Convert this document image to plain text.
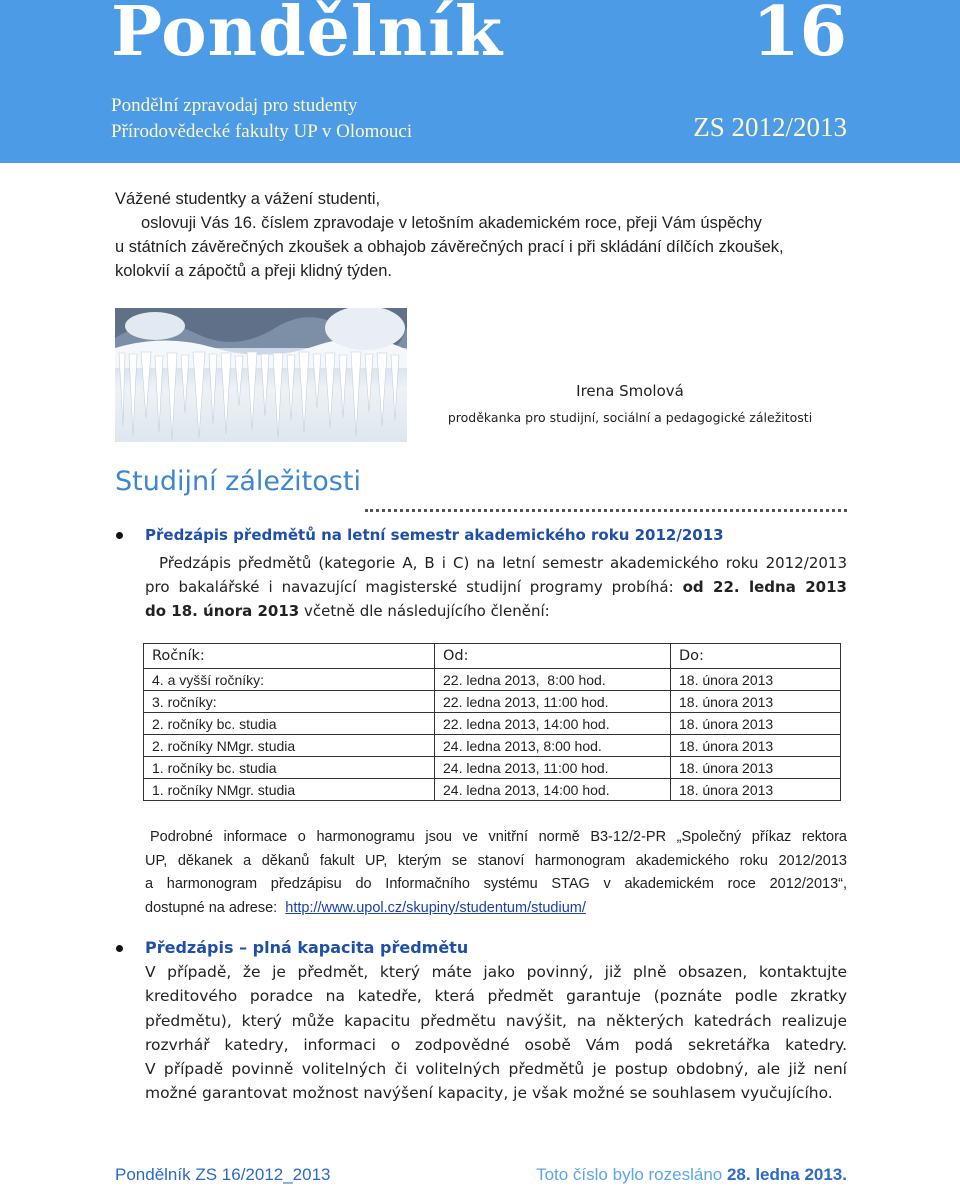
Pondělník	16
Pondělní zpravodaj pro studenty
Přírodovědecké fakulty UP v Olomouci	ZS 2012/2013
Vážené studentky a vážení studenti,
oslovuji Vás 16. číslem zpravodaje v letošním akademickém roce, přeji Vám úspěchy
u státních závěrečných zkoušek a obhajob závěrečných prací i při skládání dílčích zkoušek,
kolokvií a zápočtů a přeji klidný týden.
Irena Smolová
proděkanka pro studijní, sociální a pedagogické záležitosti
Studijní záležitosti
Předzápis předmětů na letní semestr akademického roku 2012/2013
Předzápis předmětů (kategorie A, B i C) na letní semestr akademického roku 2012/2013
pro bakalářské i navazující magisterské studijní programy probíhá: od 22. ledna 2013
do 18. února 2013 včetně dle následujícího členění:
Ročník:	Od:	Do:
4. a vyšší ročníky:	22. ledna 2013,  8:00 hod.	18. února 2013
3. ročníky:	22. ledna 2013, 11:00 hod.	18. února 2013
2. ročníky bc. studia	22. ledna 2013, 14:00 hod.	18. února 2013
2. ročníky NMgr. studia	24. ledna 2013, 8:00 hod.	18. února 2013
1. ročníky bc. studia	24. ledna 2013, 11:00 hod.	18. února 2013
1. ročníky NMgr. studia	24. ledna 2013, 14:00 hod.	18. února 2013
Podrobné informace o harmonogramu jsou ve vnitřní normě B3-12/2-PR „Společný příkaz rektora
UP, děkanek a děkanů fakult UP, kterým se stanoví harmonogram akademického roku 2012/2013
a harmonogram předzápisu do Informačního systému STAG v akademickém roce 2012/2013“,
dostupné na adrese: http://www.upol.cz/skupiny/studentum/studium/
Předzápis – plná kapacita předmětu
V případě, že je předmět, který máte jako povinný, již plně obsazen, kontaktujte
kreditového poradce na katedře, která předmět garantuje (poznáte podle zkratky
předmětu), který může kapacitu předmětu navýšit, na některých katedrách realizuje
rozvrhář katedry, informaci o zodpovědné osobě Vám podá sekretářka katedry.
V případě povinně volitelných či volitelných předmětů je postup obdobný, ale již není
možné garantovat možnost navýšení kapacity, je však možné se souhlasem vyučujícího.
Pondělník ZS 16/2012_2013	Toto číslo bylo rozesláno 28. ledna 2013.
